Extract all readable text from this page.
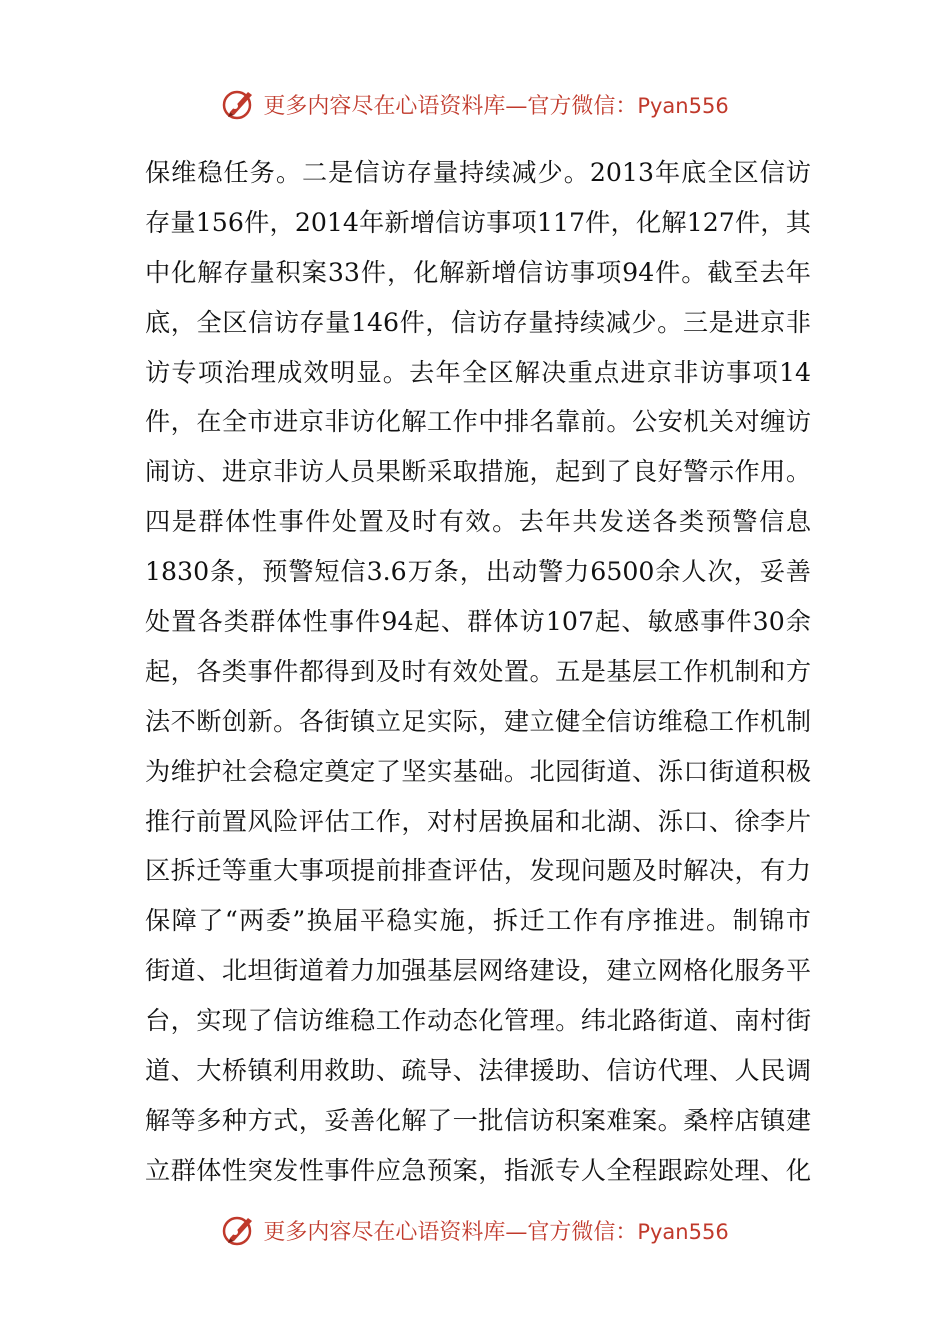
更多内容尽在心语资料库—官方微信：Pyan556
保维稳任务。二是信访存量持续减少。2013年底全区信访
存量156件，2014年新增信访事项117件，化解127件，其
中化解存量积案33件，化解新增信访事项94件。截至去年
底，全区信访存量146件，信访存量持续减少。三是进京非
访专项治理成效明显。去年全区解决重点进京非访事项14
件，在全市进京非访化解工作中排名靠前。公安机关对缠访
闹访、进京非访人员果断采取措施，起到了良好警示作用。
四是群体性事件处置及时有效。去年共发送各类预警信息
1830条，预警短信3.6万条，出动警力6500余人次，妥善
处置各类群体性事件94起、群体访107起、敏感事件30余
起，各类事件都得到及时有效处置。五是基层工作机制和方
法不断创新。各街镇立足实际，建立健全信访维稳工作机制
为维护社会稳定奠定了坚实基础。北园街道、泺口街道积极
推行前置风险评估工作，对村居换届和北湖、泺口、徐李片
区拆迁等重大事项提前排查评估，发现问题及时解决，有力
保障了“两委”换届平稳实施，拆迁工作有序推进。制锦市
街道、北坦街道着力加强基层网络建设，建立网格化服务平
台，实现了信访维稳工作动态化管理。纬北路街道、南村街
道、大桥镇利用救助、疏导、法律援助、信访代理、人民调
解等多种方式，妥善化解了一批信访积案难案。桑梓店镇建
立群体性突发性事件应急预案，指派专人全程跟踪处理、化
更多内容尽在心语资料库—官方微信：Pyan556
